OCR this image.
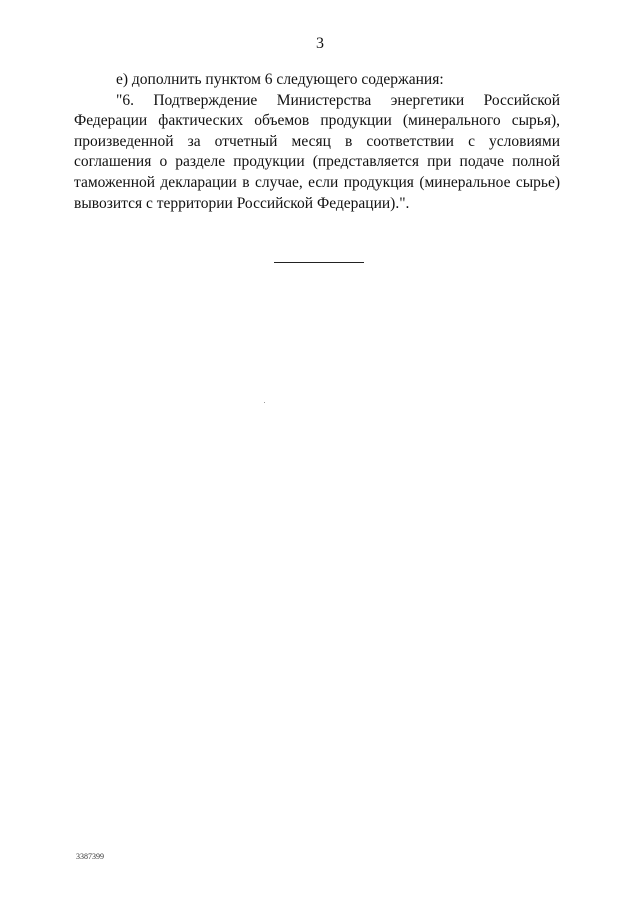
3

е) дополнить пунктом 6 следующего содержания:

"6. Подтверждение Министерства энергетики Российской Федерации фактических объемов продукции (минерального сырья), произведенной за отчетный месяц в соответствии с условиями соглашения о разделе продукции (представляется при подаче полной таможенной декларации в случае, если продукция (минеральное сырье) вывозится с территории Российской Федерации).".

3387399
